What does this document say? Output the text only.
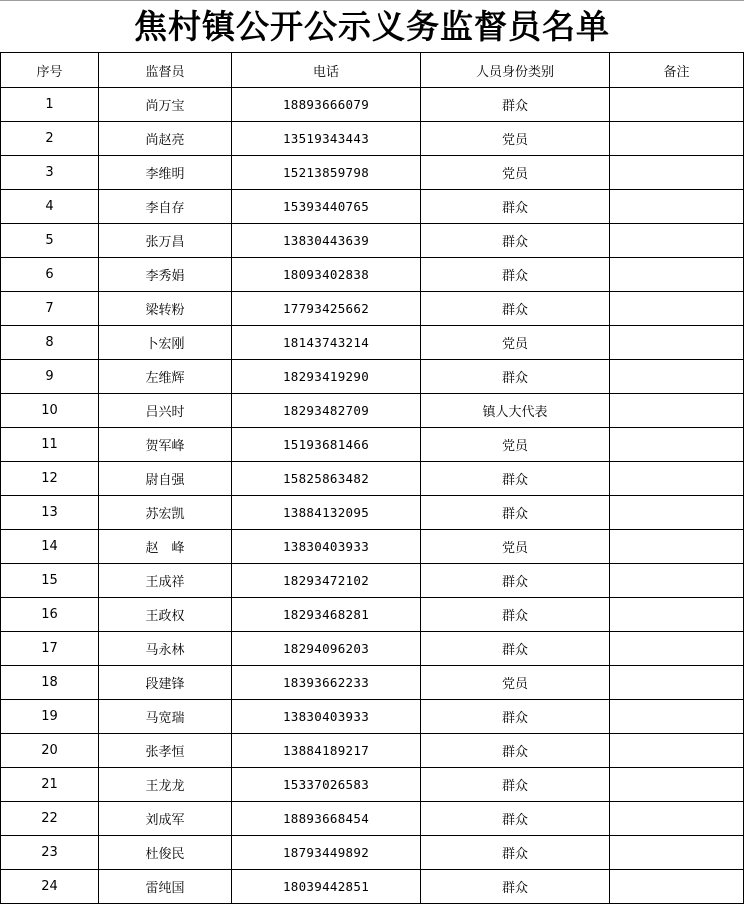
焦村镇公开公示义务监督员名单
序号	监督员	电话	人员身份类别	备注
1	尚万宝	18893666079	群众	
2	尚赵亮	13519343443	党员	
3	李维明	15213859798	党员	
4	李自存	15393440765	群众	
5	张万昌	13830443639	群众	
6	李秀娟	18093402838	群众	
7	梁转粉	17793425662	群众	
8	卜宏刚	18143743214	党员	
9	左维辉	18293419290	群众	
10	吕兴时	18293482709	镇人大代表	
11	贺军峰	15193681466	党员	
12	尉自强	15825863482	群众	
13	苏宏凯	13884132095	群众	
14	赵　峰	13830403933	党员	
15	王成祥	18293472102	群众	
16	王政权	18293468281	群众	
17	马永林	18294096203	群众	
18	段建锋	18393662233	党员	
19	马宽瑞	13830403933	群众	
20	张孝恒	13884189217	群众	
21	王龙龙	15337026583	群众	
22	刘成军	18893668454	群众	
23	杜俊民	18793449892	群众	
24	雷纯国	18039442851	群众	
